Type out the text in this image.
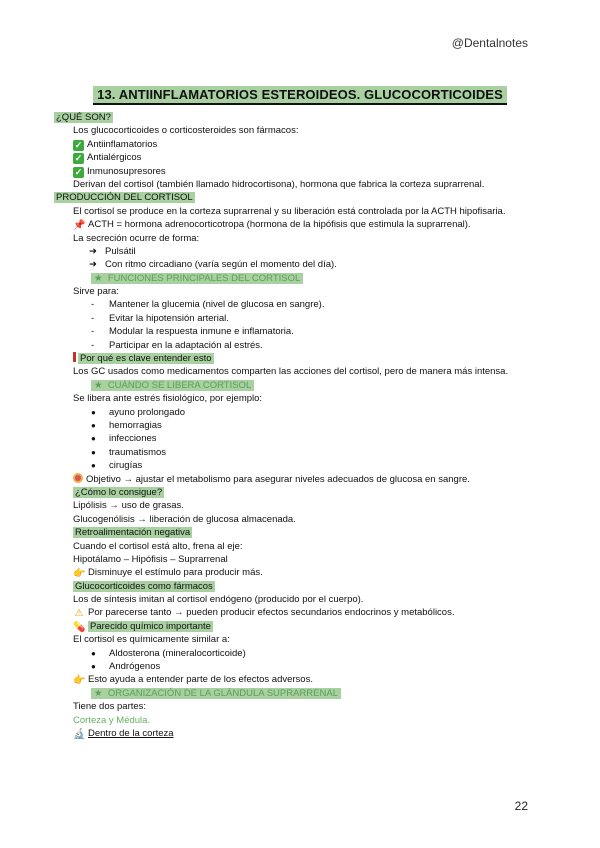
@Dentalnotes
13. ANTIINFLAMATORIOS ESTEROIDEOS. GLUCOCORTICOIDES
¿QUÉ SON?
Los glucocorticoides o corticosteroides son fármacos:
✓ Antiinflamatorios
✓ Antialérgicos
✓ Inmunosupresores
Derivan del cortisol (también llamado hidrocortisona), hormona que fabrica la corteza suprarrenal.
PRODUCCIÓN DEL CORTISOL
El cortisol se produce en la corteza suprarrenal y su liberación está controlada por la ACTH hipofisaria.
📌 ACTH = hormona adrenocorticotropa (hormona de la hipófisis que estimula la suprarrenal).
La secreción ocurre de forma:
➜ Pulsátil
➜ Con ritmo circadiano (varía según el momento del día).
★ FUNCIONES PRINCIPALES DEL CORTISOL
Sirve para:
- Mantener la glucemia (nivel de glucosa en sangre).
- Evitar la hipotensión arterial.
- Modular la respuesta inmune e inflamatoria.
- Participar en la adaptación al estrés.
Por qué es clave entender esto
Los GC usados como medicamentos comparten las acciones del cortisol, pero de manera más intensa.
★ CUÁNDO SE LIBERA CORTISOL
Se libera ante estrés fisiológico, por ejemplo:
● ayuno prolongado
● hemorragias
● infecciones
● traumatismos
● cirugías
Objetivo → ajustar el metabolismo para asegurar niveles adecuados de glucosa en sangre.
¿Cómo lo consigue?
Lipólisis → uso de grasas.
Glucogenólisis → liberación de glucosa almacenada.
Retroalimentación negativa
Cuando el cortisol está alto, frena al eje:
Hipotálamo – Hipófisis – Suprarrenal
👉 Disminuye el estímulo para producir más.
Glucocorticoides como fármacos
Los de síntesis imitan al cortisol endógeno (producido por el cuerpo).
⚠ Por parecerse tanto → pueden producir efectos secundarios endocrinos y metabólicos.
💊 Parecido químico importante
El cortisol es químicamente similar a:
● Aldosterona (mineralocorticoide)
● Andrógenos
👉 Esto ayuda a entender parte de los efectos adversos.
★ ORGANIZACIÓN DE LA GLÁNDULA SUPRARRENAL
Tiene dos partes:
Corteza y Médula.
🔬 Dentro de la corteza
22
